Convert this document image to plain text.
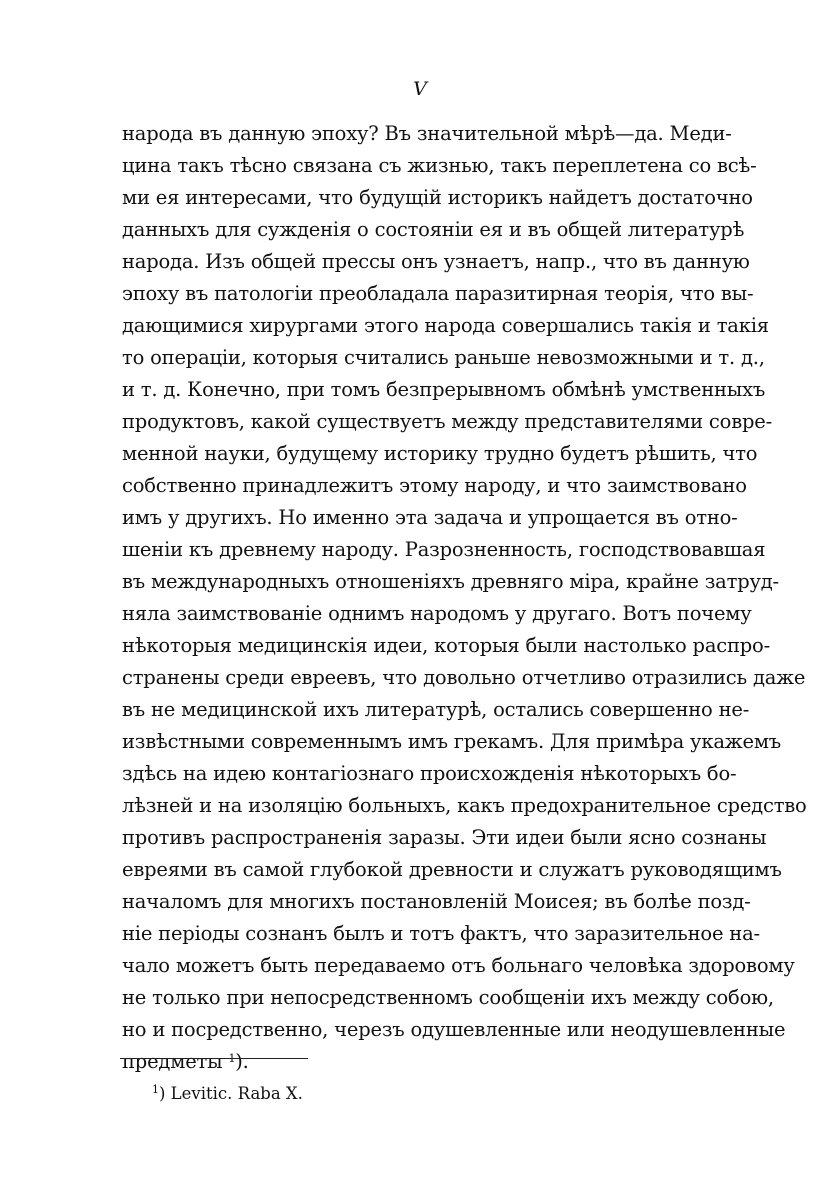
V
народа въ данную эпоху? Въ значительной мѣрѣ—да. Меди-
цина такъ тѣсно связана съ жизнью, такъ переплетена со всѣ-
ми ея интересами, что будущій историкъ найдетъ достаточно
данныхъ для сужденія о состояніи ея и въ общей литературѣ
народа. Изъ общей прессы онъ узнаетъ, напр., что въ данную
эпоху въ патологіи преобладала паразитирная теорія, что вы-
дающимися хирургами этого народа совершались такія и такія
то операціи, которыя считались раньше невозможными и т. д.,
и т. д. Конечно, при томъ безпрерывномъ обмѣнѣ умственныхъ
продуктовъ, какой существуетъ между представителями совре-
менной науки, будущему историку трудно будетъ рѣшить, что
собственно принадлежитъ этому народу, и что заимствовано
имъ у другихъ. Но именно эта задача и упрощается въ отно-
шеніи къ древнему народу. Разрозненность, господствовавшая
въ международныхъ отношеніяхъ древняго міра, крайне затруд-
няла заимствованіе однимъ народомъ у другаго. Вотъ почему
нѣкоторыя медицинскія идеи, которыя были настолько распро-
странены среди евреевъ, что довольно отчетливо отразились даже
въ не медицинской ихъ литературѣ, остались совершенно не-
извѣстными современнымъ имъ грекамъ. Для примѣра укажемъ
здѣсь на идею контагіознаго происхожденія нѣкоторыхъ бо-
лѣзней и на изоляцію больныхъ, какъ предохранительное средство
противъ распространенія заразы. Эти идеи были ясно сознаны
евреями въ самой глубокой древности и служатъ руководящимъ
началомъ для многихъ постановленій Моисея; въ болѣе позд-
ніе періоды сознанъ былъ и тотъ фактъ, что заразительное на-
чало можетъ быть передаваемо отъ больнаго человѣка здоровому
не только при непосредственномъ сообщеніи ихъ между собою,
но и посредственно, черезъ одушевленные или неодушевленные
предметы $^1$).
$^1$) Levitic. Raba X.
